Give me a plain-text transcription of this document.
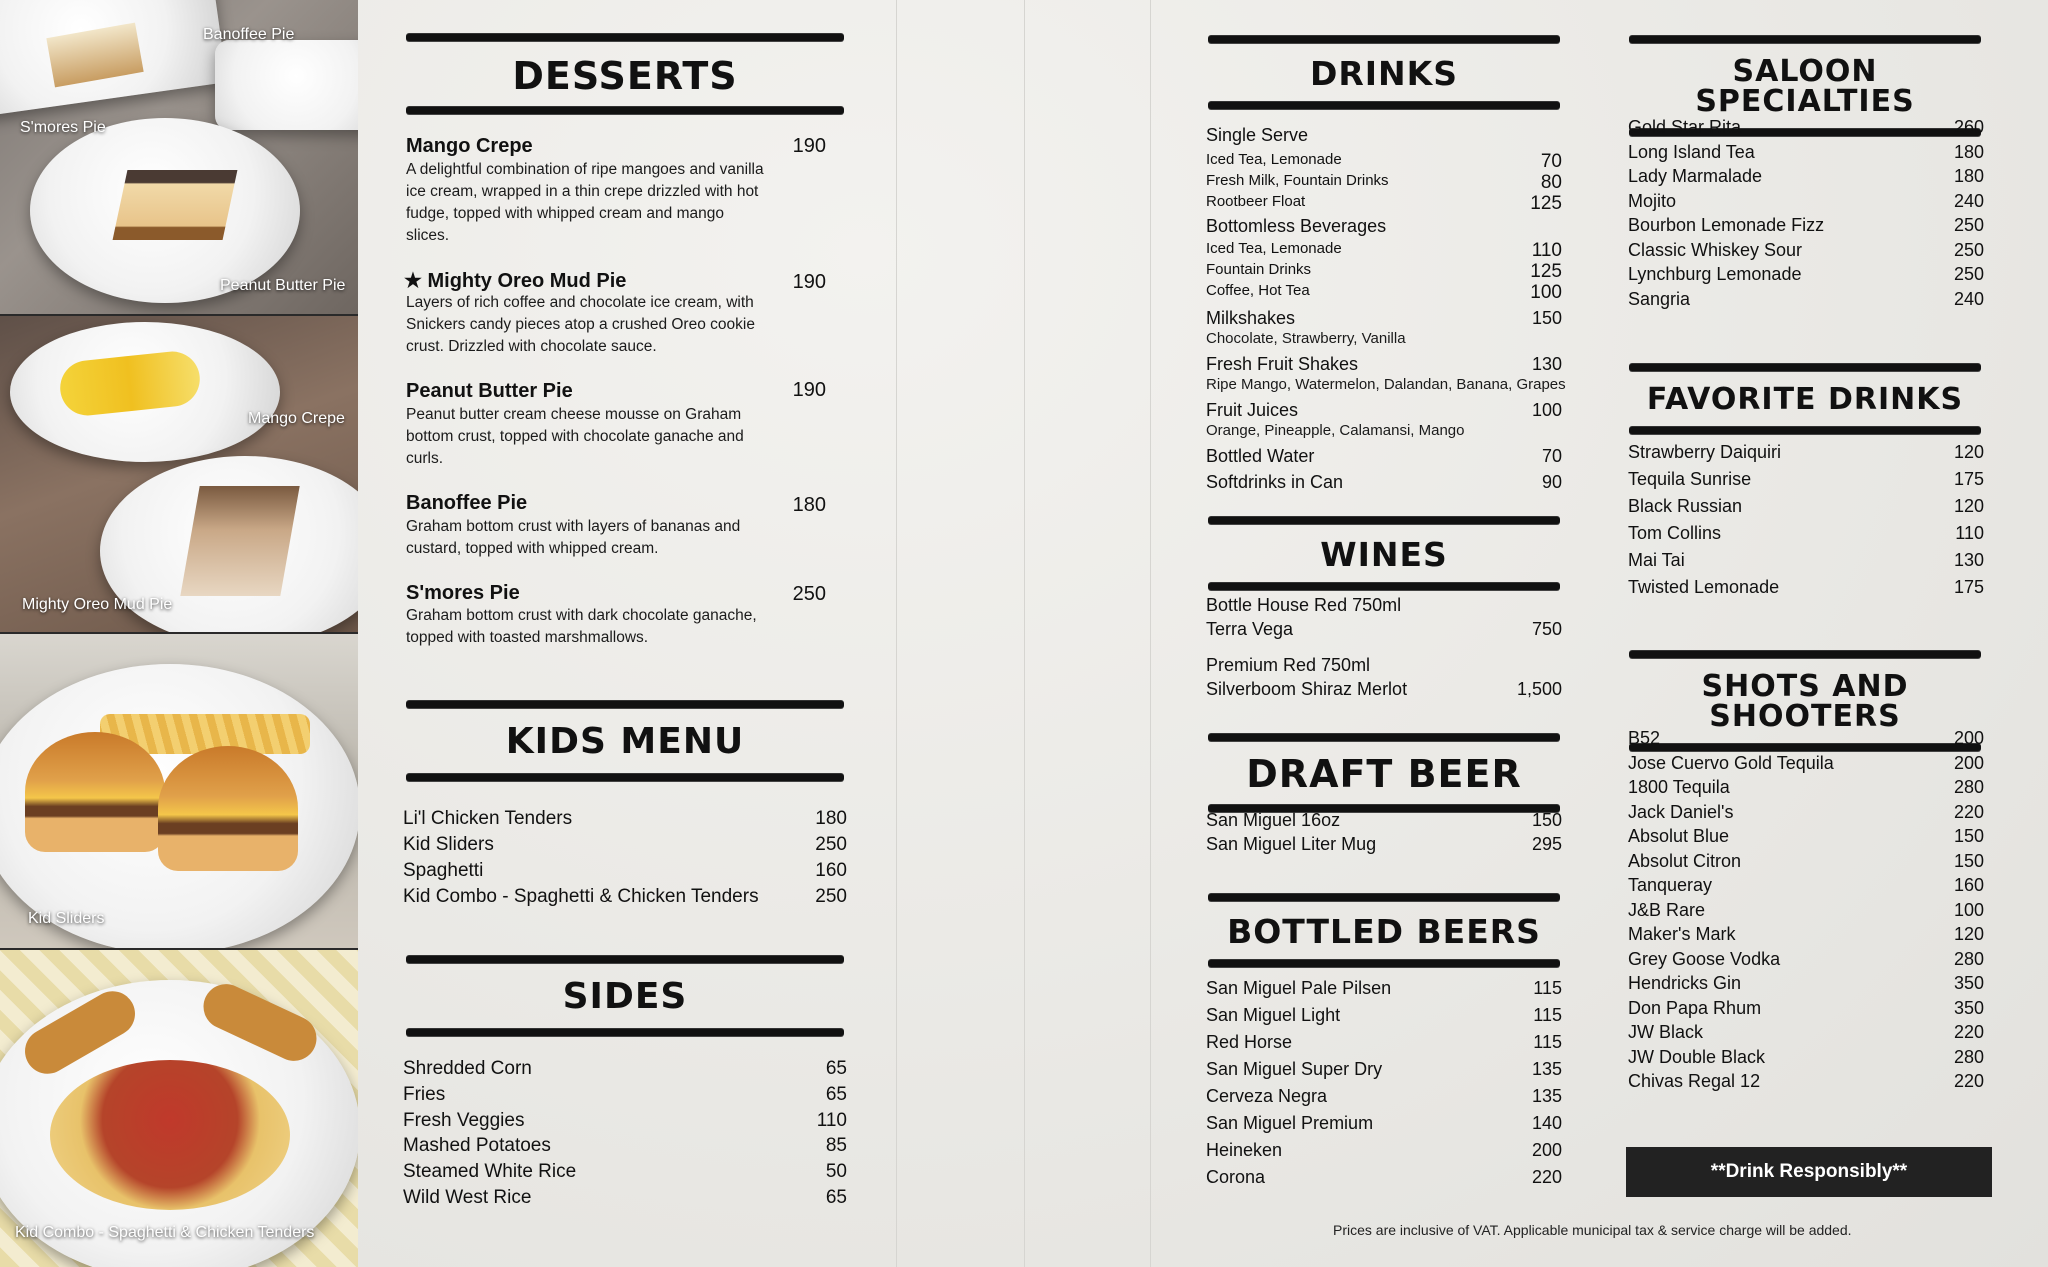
Banoffee Pie
S'mores Pie
Peanut Butter Pie
Mango Crepe
Mighty Oreo Mud Pie
Kid Sliders
Kid Combo - Spaghetti & Chicken Tenders
DESSERTS
Mango Crepe	190
A delightful combination of ripe mangoes and vanilla ice cream, wrapped in a thin crepe drizzled with hot fudge, topped with whipped cream and mango slices.
★ Mighty Oreo Mud Pie	190
Layers of rich coffee and chocolate ice cream, with Snickers candy pieces atop a crushed Oreo cookie crust. Drizzled with chocolate sauce.
Peanut Butter Pie	190
Peanut butter cream cheese mousse on Graham bottom crust, topped with chocolate ganache and curls.
Banoffee Pie	180
Graham bottom crust with layers of bananas and custard, topped with whipped cream.
S'mores Pie	250
Graham bottom crust with dark chocolate ganache, topped with toasted marshmallows.
KIDS MENU
Li'l Chicken Tenders	180
Kid Sliders	250
Spaghetti	160
Kid Combo - Spaghetti & Chicken Tenders	250
SIDES
Shredded Corn	65
Fries	65
Fresh Veggies	110
Mashed Potatoes	85
Steamed White Rice	50
Wild West Rice	65
DRINKS
Single Serve
Iced Tea, Lemonade	70
Fresh Milk, Fountain Drinks	80
Rootbeer Float	125
Bottomless Beverages
Iced Tea, Lemonade	110
Fountain Drinks	125
Coffee, Hot Tea	100
Milkshakes	150
Chocolate, Strawberry, Vanilla
Fresh Fruit Shakes	130
Ripe Mango, Watermelon, Dalandan, Banana, Grapes
Fruit Juices	100
Orange, Pineapple, Calamansi, Mango
Bottled Water	70
Softdrinks in Can	90
WINES
Bottle House Red 750ml
Terra Vega	750
Premium Red 750ml
Silverboom Shiraz Merlot	1,500
DRAFT BEER
San Miguel 16oz	150
San Miguel Liter Mug	295
BOTTLED BEERS
San Miguel Pale Pilsen	115
San Miguel Light	115
Red Horse	115
San Miguel Super Dry	135
Cerveza Negra	135
San Miguel Premium	140
Heineken	200
Corona	220
SALOON SPECIALTIES
Gold Star Rita	260
Long Island Tea	180
Lady Marmalade	180
Mojito	240
Bourbon Lemonade Fizz	250
Classic Whiskey Sour	250
Lynchburg Lemonade	250
Sangria	240
FAVORITE DRINKS
Strawberry Daiquiri	120
Tequila Sunrise	175
Black Russian	120
Tom Collins	110
Mai Tai	130
Twisted Lemonade	175
SHOTS AND SHOOTERS
B52	200
Jose Cuervo Gold Tequila	200
1800 Tequila	280
Jack Daniel's	220
Absolut Blue	150
Absolut Citron	150
Tanqueray	160
J&B Rare	100
Maker's Mark	120
Grey Goose Vodka	280
Hendricks Gin	350
Don Papa Rhum	350
JW Black	220
JW Double Black	280
Chivas Regal 12	220
**Drink Responsibly**
Prices are inclusive of VAT. Applicable municipal tax & service charge will be added.
